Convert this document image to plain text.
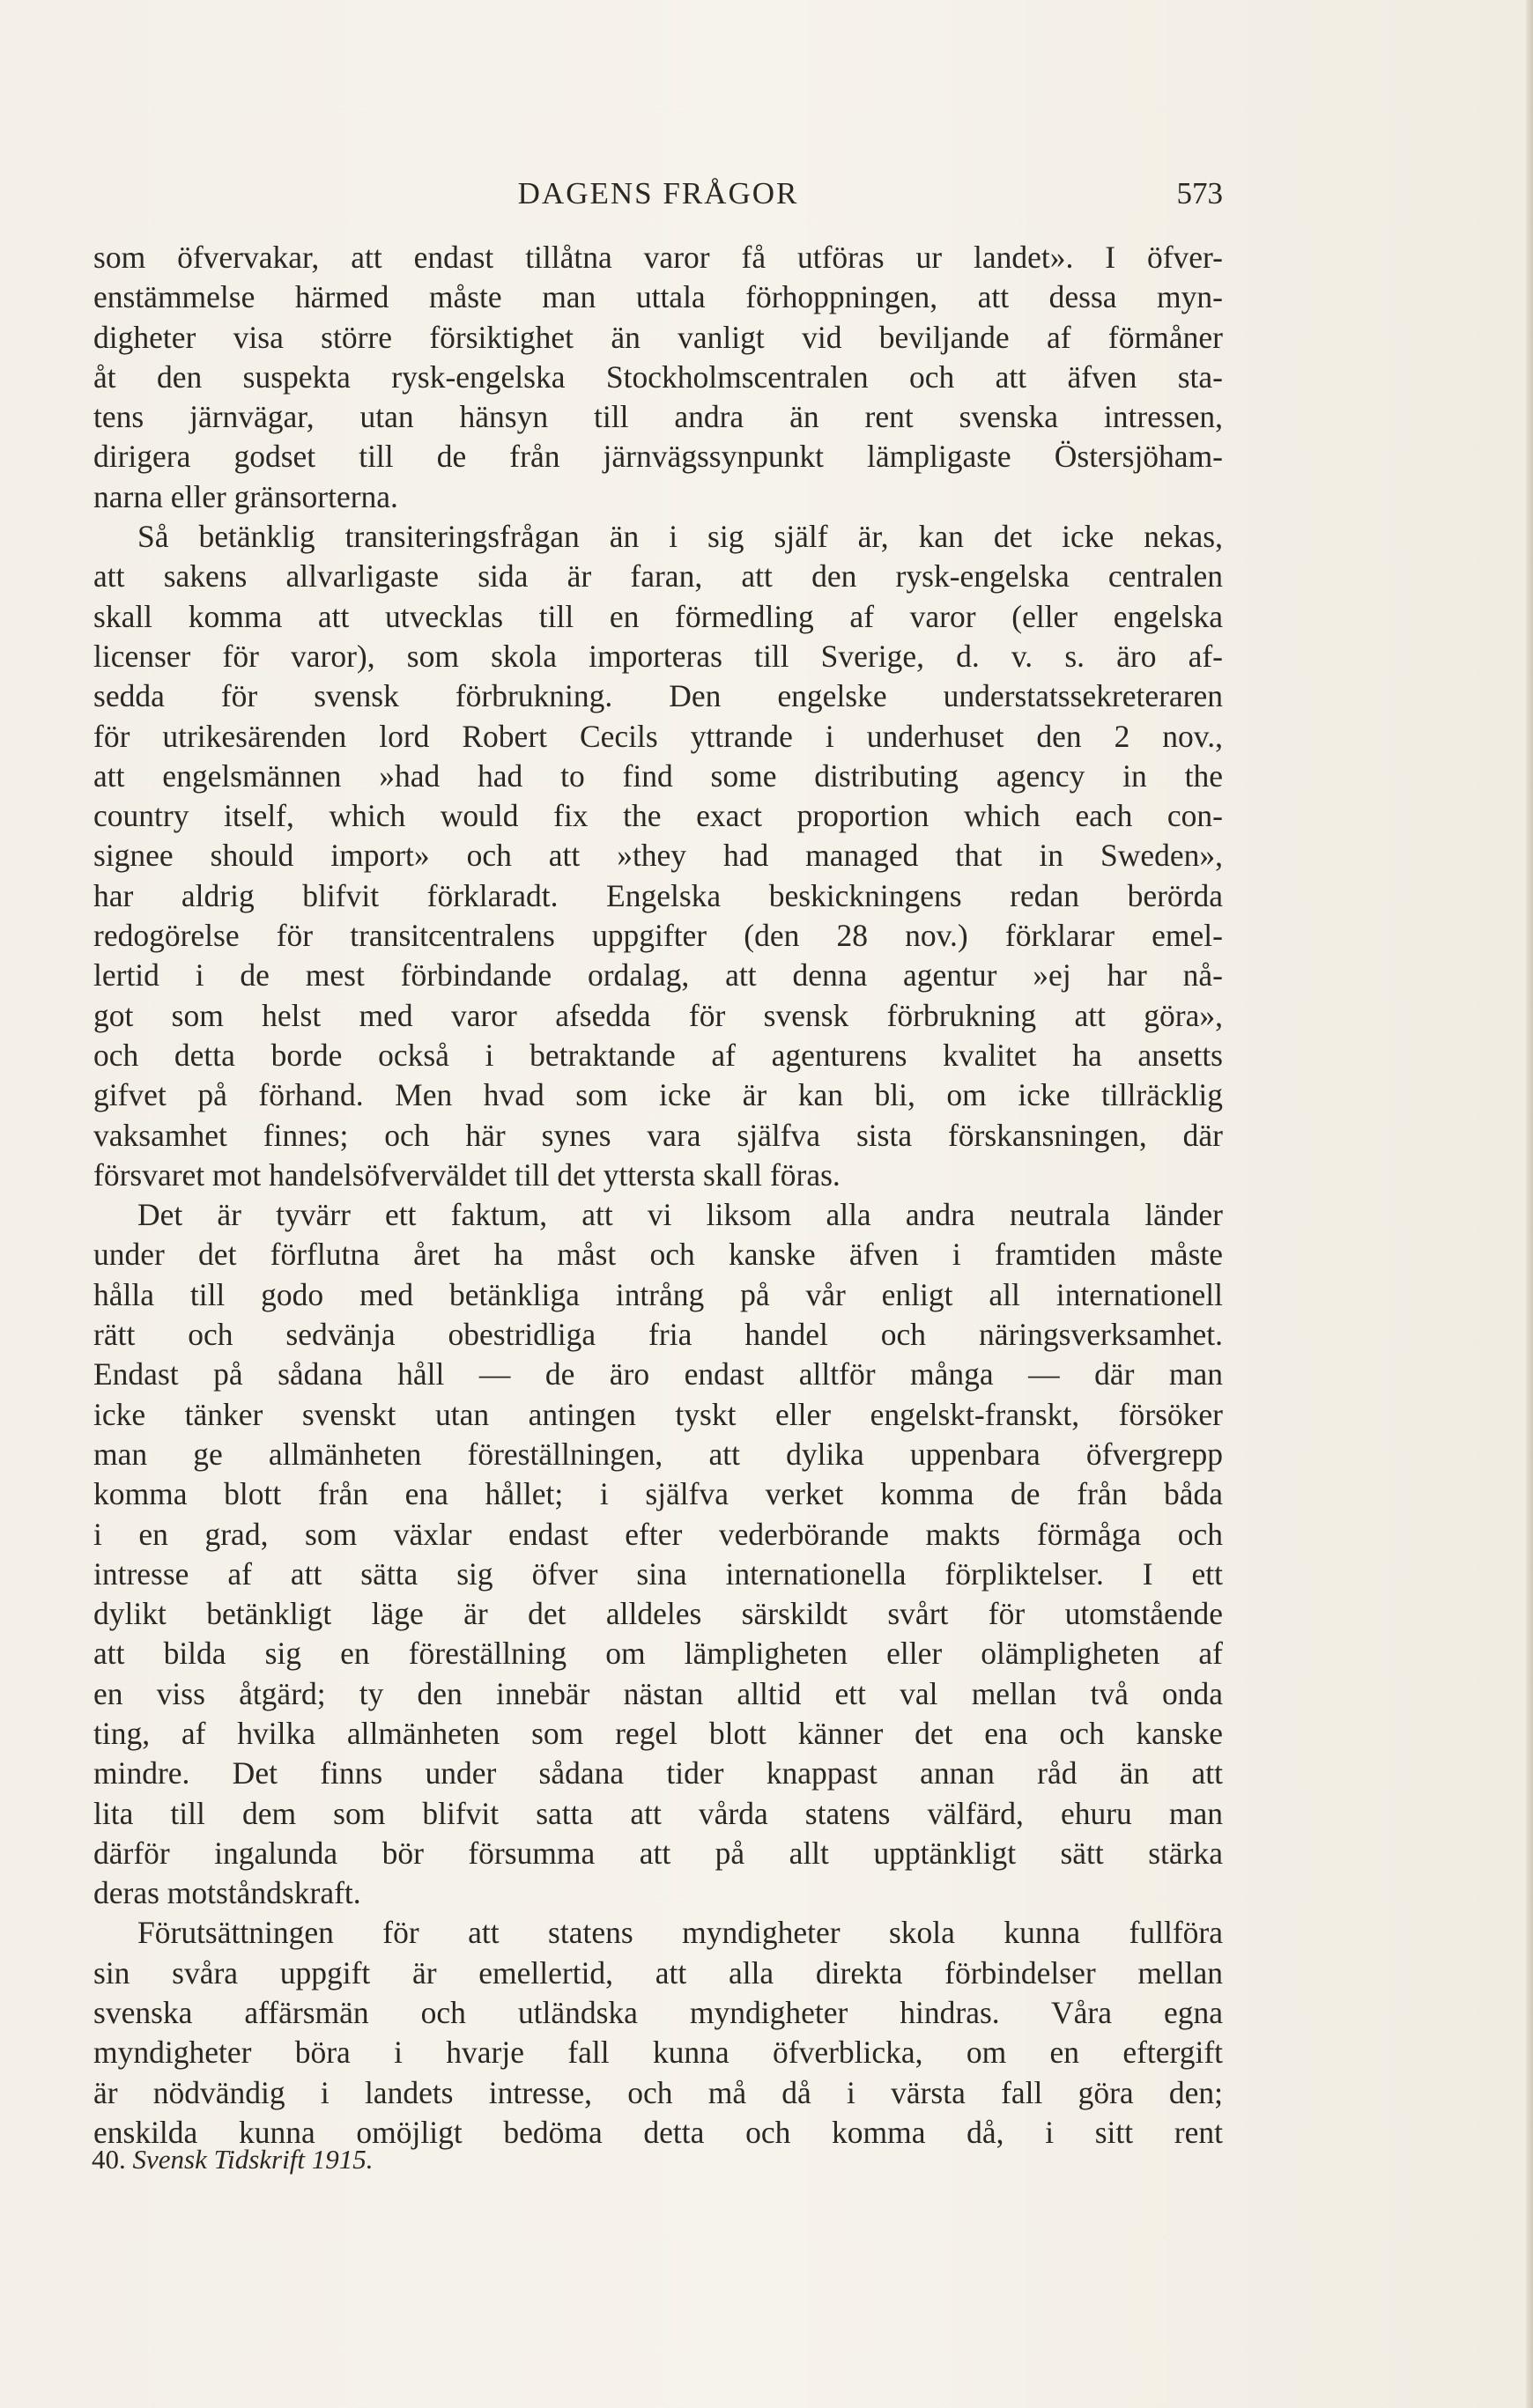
DAGENS FRÅGOR	573
som öfvervakar, att endast tillåtna varor få utföras ur landet». I öfver-
enstämmelse härmed måste man uttala förhoppningen, att dessa myn-
digheter visa större försiktighet än vanligt vid beviljande af förmåner
åt den suspekta rysk-engelska Stockholmscentralen och att äfven sta-
tens järnvägar, utan hänsyn till andra än rent svenska intressen,
dirigera godset till de från järnvägssynpunkt lämpligaste Östersjöham-
narna eller gränsorterna.
Så betänklig transiteringsfrågan än i sig själf är, kan det icke nekas,
att sakens allvarligaste sida är faran, att den rysk-engelska centralen
skall komma att utvecklas till en förmedling af varor (eller engelska
licenser för varor), som skola importeras till Sverige, d. v. s. äro af-
sedda för svensk förbrukning. Den engelske understatssekreteraren
för utrikesärenden lord Robert Cecils yttrande i underhuset den 2 nov.,
att engelsmännen »had had to find some distributing agency in the
country itself, which would fix the exact proportion which each con-
signee should import» och att »they had managed that in Sweden»,
har aldrig blifvit förklaradt. Engelska beskickningens redan berörda
redogörelse för transitcentralens uppgifter (den 28 nov.) förklarar emel-
lertid i de mest förbindande ordalag, att denna agentur »ej har nå-
got som helst med varor afsedda för svensk förbrukning att göra»,
och detta borde också i betraktande af agenturens kvalitet ha ansetts
gifvet på förhand. Men hvad som icke är kan bli, om icke tillräcklig
vaksamhet finnes; och här synes vara själfva sista förskansningen, där
försvaret mot handelsöfverväldet till det yttersta skall föras.
Det är tyvärr ett faktum, att vi liksom alla andra neutrala länder
under det förflutna året ha måst och kanske äfven i framtiden måste
hålla till godo med betänkliga intrång på vår enligt all internationell
rätt och sedvänja obestridliga fria handel och näringsverksamhet.
Endast på sådana håll — de äro endast alltför många — där man
icke tänker svenskt utan antingen tyskt eller engelskt-franskt, försöker
man ge allmänheten föreställningen, att dylika uppenbara öfvergrepp
komma blott från ena hållet; i själfva verket komma de från båda
i en grad, som växlar endast efter vederbörande makts förmåga och
intresse af att sätta sig öfver sina internationella förpliktelser. I ett
dylikt betänkligt läge är det alldeles särskildt svårt för utomstående
att bilda sig en föreställning om lämpligheten eller olämpligheten af
en viss åtgärd; ty den innebär nästan alltid ett val mellan två onda
ting, af hvilka allmänheten som regel blott känner det ena och kanske
mindre. Det finns under sådana tider knappast annan råd än att
lita till dem som blifvit satta att vårda statens välfärd, ehuru man
därför ingalunda bör försumma att på allt upptänkligt sätt stärka
deras motståndskraft.
Förutsättningen för att statens myndigheter skola kunna fullföra
sin svåra uppgift är emellertid, att alla direkta förbindelser mellan
svenska affärsmän och utländska myndigheter hindras. Våra egna
myndigheter böra i hvarje fall kunna öfverblicka, om en eftergift
är nödvändig i landets intresse, och må då i värsta fall göra den;
enskilda kunna omöjligt bedöma detta och komma då, i sitt rent
40. Svensk Tidskrift 1915.
